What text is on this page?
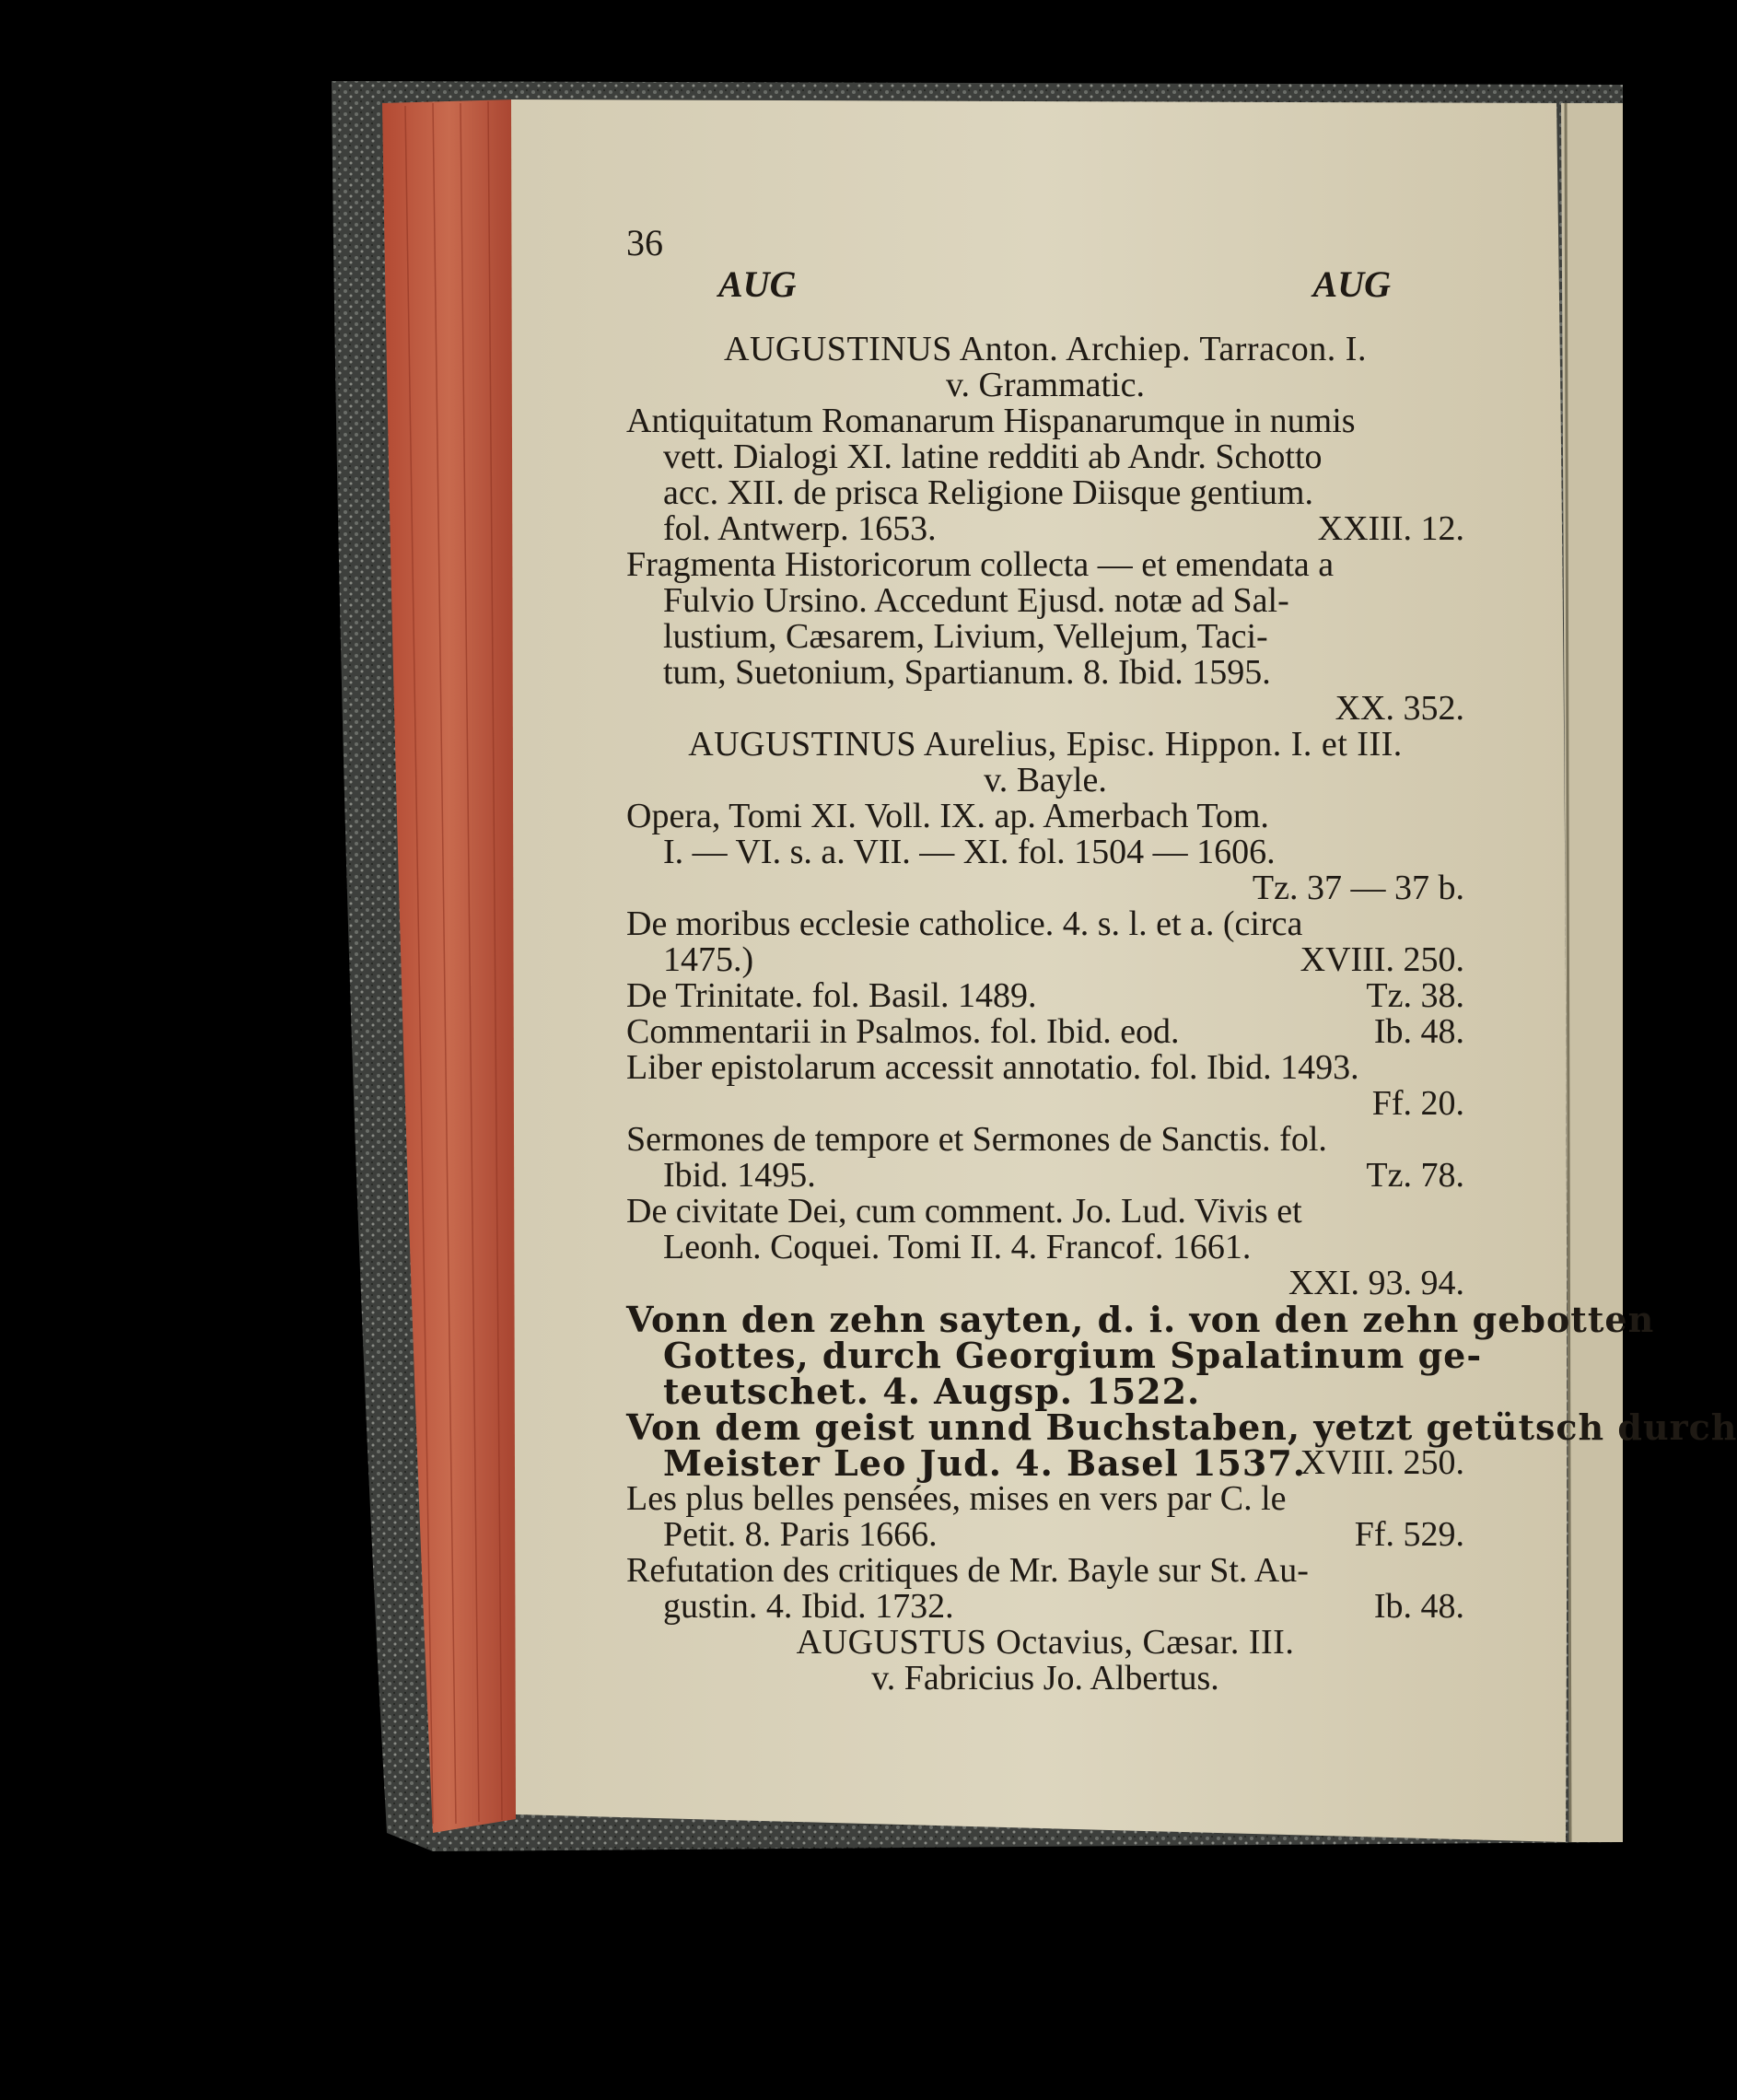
36
AUG	AUG
AUGUSTINUS Anton. Archiep. Tarracon. I.
v. Grammatic.
Antiquitatum Romanarum Hispanarumque in numis
vett. Dialogi XI. latine redditi ab Andr. Schotto
acc. XII. de prisca Religione Diisque gentium.
fol. Antwerp. 1653.	XXIII. 12.
Fragmenta Historicorum collecta — et emendata a
Fulvio Ursino. Accedunt Ejusd. notæ ad Sal-
lustium, Cæsarem, Livium, Vellejum, Taci-
tum, Suetonium, Spartianum. 8. Ibid. 1595.
XX. 352.
AUGUSTINUS Aurelius, Episc. Hippon. I. et III.
v. Bayle.
Opera, Tomi XI. Voll. IX. ap. Amerbach Tom.
I. — VI. s. a. VII. — XI. fol. 1504 — 1606.
Tz. 37 — 37 b.
De moribus ecclesie catholice. 4. s. l. et a. (circa
1475.)	XVIII. 250.
De Trinitate. fol. Basil. 1489.	Tz. 38.
Commentarii in Psalmos. fol. Ibid. eod.	Ib. 48.
Liber epistolarum accessit annotatio. fol. Ibid. 1493.
Ff. 20.
Sermones de tempore et Sermones de Sanctis. fol.
Ibid. 1495.	Tz. 78.
De civitate Dei, cum comment. Jo. Lud. Vivis et
Leonh. Coquei. Tomi II. 4. Francof. 1661.
XXI. 93. 94.
Vonn den zehn sayten, d. i. von den zehn gebotten
Gottes, durch Georgium Spalatinum ge-
teutschet. 4. Augsp. 1522.
Von dem geist unnd Buchstaben, yetzt getütsch durch
Meister Leo Jud. 4. Basel 1537.
XVIII. 250.
Les plus belles pensées, mises en vers par C. le
Petit. 8. Paris 1666.	Ff. 529.
Refutation des critiques de Mr. Bayle sur St. Au-
gustin. 4. Ibid. 1732.	Ib. 48.
AUGUSTUS Octavius, Cæsar. III.
v. Fabricius Jo. Albertus.
